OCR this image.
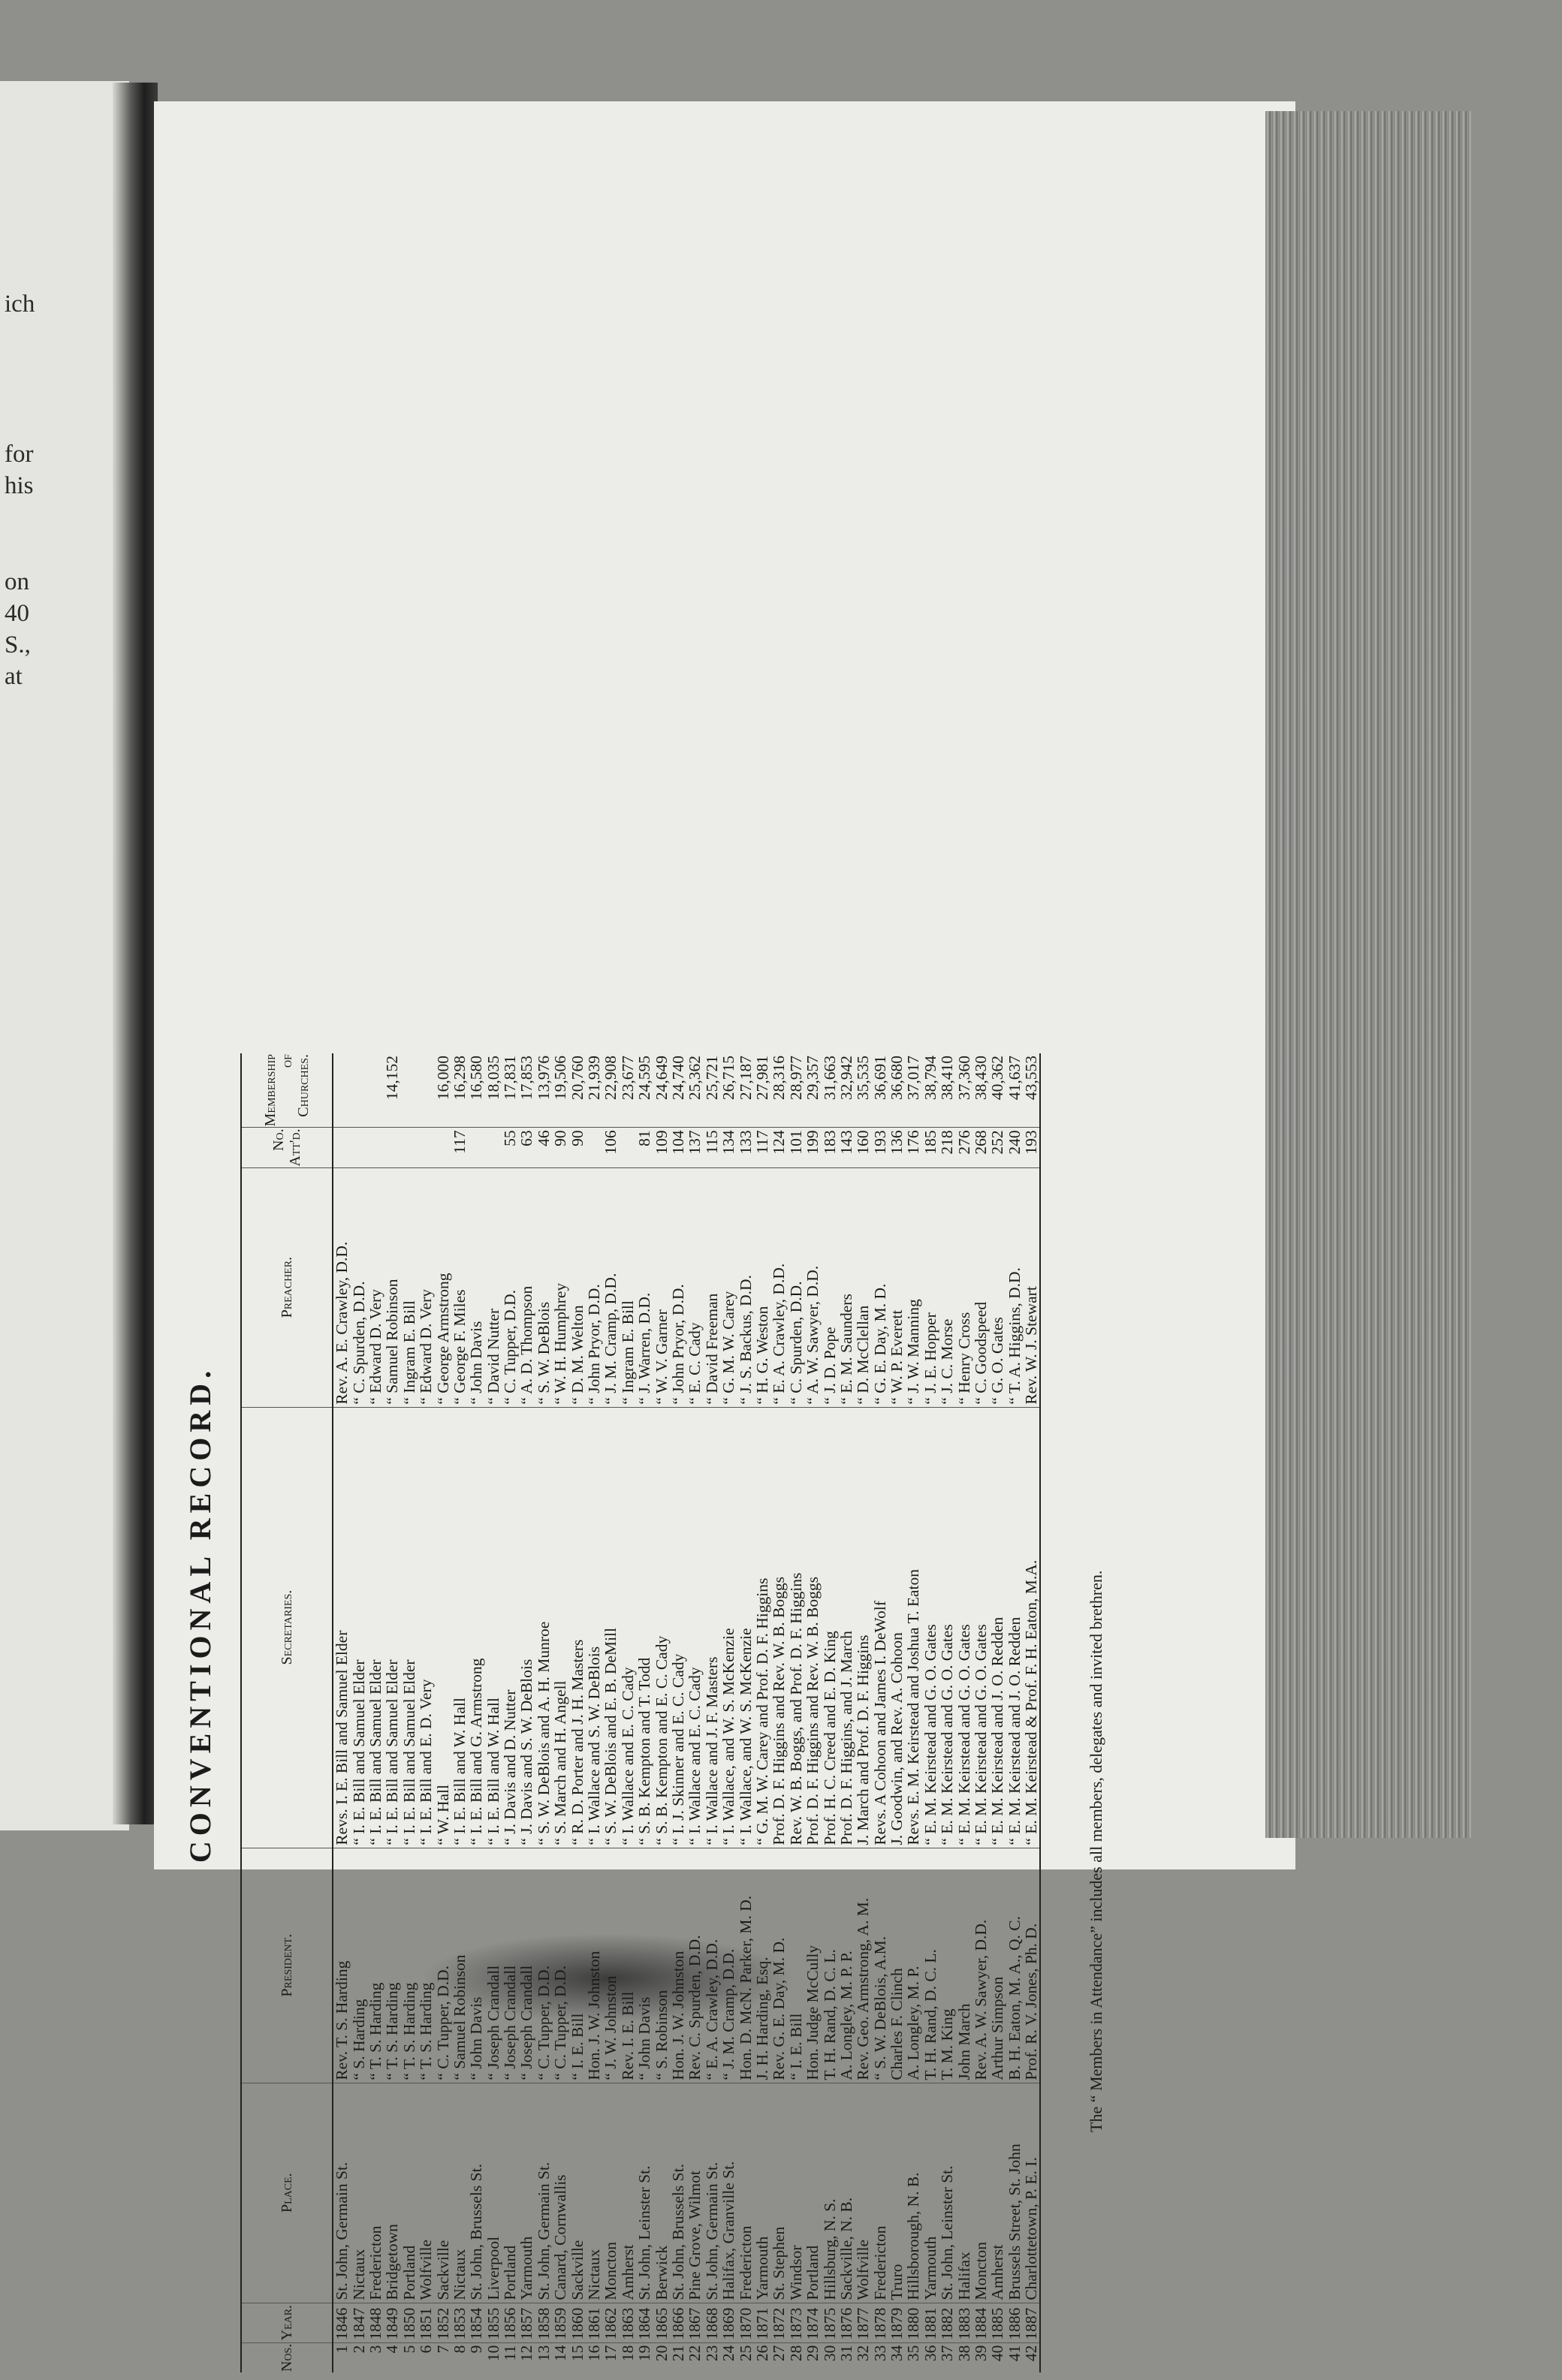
ich
for
his
on
40
S.,
at
CONVENTIONAL RECORD.
Nos.	Year.	Place.	President.	Secretaries.	Preacher.	No. Att'd.	Membership of Churches.
1	1846	St. John, Germain St.	Rev. T. S. Harding	Revs. I. E. Bill and Samuel Elder	Rev. A. E. Crawley, D.D.		
2	1847	Nictaux	“ S. Harding	“ I. E. Bill and Samuel Elder	“ C. Spurden, D.D.		
3	1848	Fredericton	“ T. S. Harding	“ I. E. Bill and Samuel Elder	“ Edward D. Very		
4	1849	Bridgetown	“ T. S. Harding	“ I. E. Bill and Samuel Elder	“ Samuel Robinson		14,152
5	1850	Portland	“ T. S. Harding	“ I. E. Bill and Samuel Elder	“ Ingram E. Bill		
6	1851	Wolfville	“ T. S. Harding	“ I. E. Bill and E. D. Very	“ Edward D. Very		
7	1852	Sackville	“ C. Tupper, D.D.	“ W. Hall	“ George Armstrong		16,000
8	1853	Nictaux	“ Samuel Robinson	“ I. E. Bill and W. Hall	“ George F. Miles	117	16,298
9	1854	St. John, Brussels St.	“ John Davis	“ I. E. Bill and G. Armstrong	“ John Davis		16,580
10	1855	Liverpool	“ Joseph Crandall	“ I. E. Bill and W. Hall	“ David Nutter		18,035
11	1856	Portland	“ Joseph Crandall	“ J. Davis and D. Nutter	“ C. Tupper, D.D.	55	17,831
12	1857	Yarmouth	“ Joseph Crandall	“ J. Davis and S. W. DeBlois	“ A. D. Thompson	63	17,853
13	1858	St. John, Germain St.	“ C. Tupper, D.D.	“ S. W. DeBlois and A. H. Munroe	“ S. W. DeBlois	46	13,976
14	1859	Canard, Cornwallis	“ C. Tupper, D.D.	“ S. March and H. Angell	“ W. H. Humphrey	90	19,506
15	1860	Sackville	“ I. E. Bill	“ R. D. Porter and J. H. Masters	“ D. M. Welton	90	20,760
16	1861	Nictaux	Hon. J. W. Johnston	“ I. Wallace and S. W. DeBlois	“ John Pryor, D.D.		21,939
17	1862	Moncton	“ J. W. Johnston	“ S. W. DeBlois and E. B. DeMill	“ J. M. Cramp, D.D.	106	22,908
18	1863	Amherst	Rev. I. E. Bill	“ I. Wallace and E. C. Cady	“ Ingram E. Bill		23,677
19	1864	St. John, Leinster St.	“ John Davis	“ S. B. Kempton and T. Todd	“ J. Warren, D.D.	81	24,595
20	1865	Berwick	“ S. Robinson	“ S. B. Kempton and E. C. Cady	“ W. V. Garner	109	24,649
21	1866	St. John, Brussels St.	Hon. J. W. Johnston	“ I. J. Skinner and E. C. Cady	“ John Pryor, D.D.	104	24,740
22	1867	Pine Grove, Wilmot	Rev. C. Spurden, D.D.	“ I. Wallace and E. C. Cady	“ E. C. Cady	137	25,362
23	1868	St. John, Germain St.	“ E. A. Crawley, D.D.	“ I. Wallace and J. F. Masters	“ David Freeman	115	25,721
24	1869	Halifax, Granville St.	“ J. M. Cramp, D.D.	“ I. Wallace, and W. S. McKenzie	“ G. M. W. Carey	134	26,715
25	1870	Fredericton	Hon. D. McN. Parker, M. D.	“ I. Wallace, and W. S. McKenzie	“ J. S. Backus, D.D.	133	27,187
26	1871	Yarmouth	J. H. Harding, Esq.	“ G. M. W. Carey and Prof. D. F. Higgins	“ H. G. Weston	117	27,981
27	1872	St. Stephen	Rev. G. E. Day, M. D.	Prof. D. F. Higgins and Rev. W. B. Boggs	“ E. A. Crawley, D.D.	124	28,316
28	1873	Windsor	“ I. E. Bill	Rev. W. B. Boggs, and Prof. D. F. Higgins	“ C. Spurden, D.D.	101	28,977
29	1874	Portland	Hon. Judge McCully	Prof. D. F. Higgins and Rev. W. B. Boggs	“ A. W. Sawyer, D.D.	199	29,357
30	1875	Hillsburg, N. S.	T. H. Rand, D. C. L.	Prof. H. C. Creed and E. D. King	“ J. D. Pope	183	31,663
31	1876	Sackville, N. B.	A. Longley, M. P. P.	Prof. D. F. Higgins, and J. March	“ E. M. Saunders	143	32,942
32	1877	Wolfville	Rev. Geo. Armstrong, A. M.	J. March and Prof. D. F. Higgins	“ D. McClellan	160	35,535
33	1878	Fredericton	“ S. W. DeBlois, A.M.	Revs. A Cohoon and James I. DeWolf	“ G. E. Day, M. D.	193	36,691
34	1879	Truro	Charles F. Clinch	J. Goodwin, and Rev. A. Cohoon	“ W. P. Everett	136	36,680
35	1880	Hillsborough, N. B.	A. Longley, M. P.	Revs. E. M. Keirstead and Joshua T. Eaton	“ J. W. Manning	176	37,017
36	1881	Yarmouth	T. H. Rand, D. C. L.	“ E. M. Keirstead and G. O. Gates	“ J. E. Hopper	185	38,794
37	1882	St. John, Leinster St.	T. M. King	“ E. M. Keirstead and G. O. Gates	“ J. C. Morse	218	38,410
38	1883	Halifax	John March	“ E. M. Keirstead and G. O. Gates	“ Henry Cross	276	37,360
39	1884	Moncton	Rev. A. W. Sawyer, D.D.	“ E. M. Keirstead and G. O. Gates	“ C. Goodspeed	268	38,430
40	1885	Amherst	Arthur Simpson	“ E. M. Keirstead and J. O. Redden	“ G. O. Gates	252	40,362
41	1886	Brussels Street, St. John	B. H. Eaton, M. A., Q. C.	“ E. M. Keirstead and J. O. Redden	“ T. A. Higgins, D.D.	240	41,637
42	1887	Charlottetown, P. E. I.	Prof. R. V. Jones, Ph. D.	“ E. M. Keirstead & Prof. F. H. Eaton, M.A.	Rev. W. J. Stewart	193	43,553
The “ Members in Attendance” includes all members, delegates and invited brethren.
